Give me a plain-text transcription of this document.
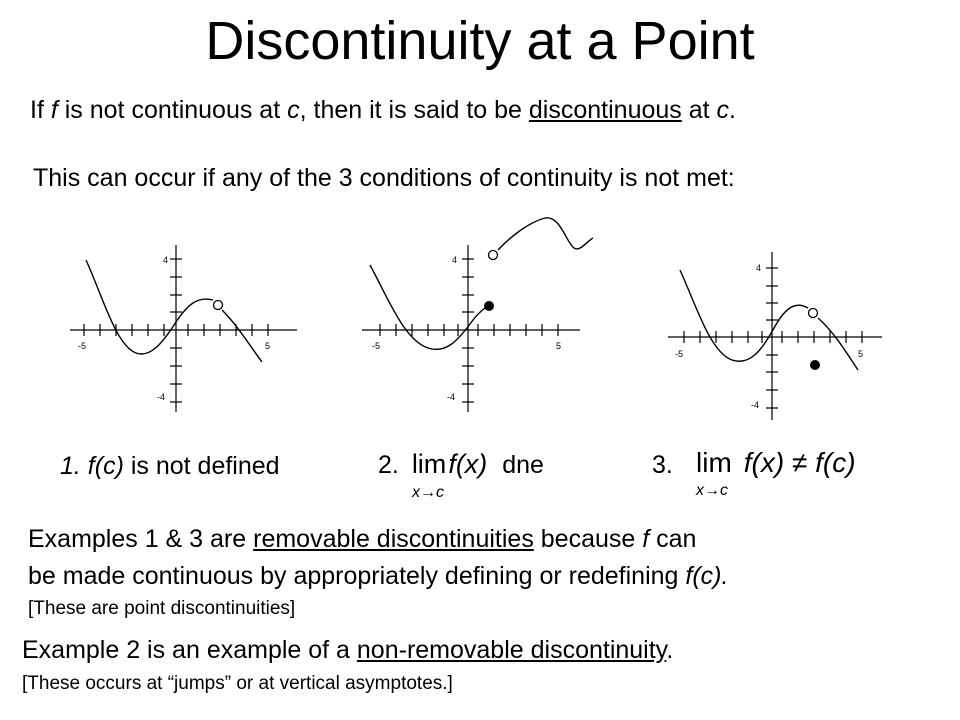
Discontinuity at a Point
If f is not continuous at c, then it is said to be discontinuous at c.
This can occur if any of the 3 conditions of continuity is not met:
4
-4
-5	5
4
-4
-5	5
4
-4
-5	5
1. f(c) is not defined	2. limf(x) dne
x→c
3. lim f(x) ≠ f(c)
x→c
Examples 1 & 3 are removable discontinuities because f can
be made continuous by appropriately defining or redefining f(c).
[These are point discontinuities]
Example 2 is an example of a non-removable discontinuity.
[These occurs at “jumps” or at vertical asymptotes.]
